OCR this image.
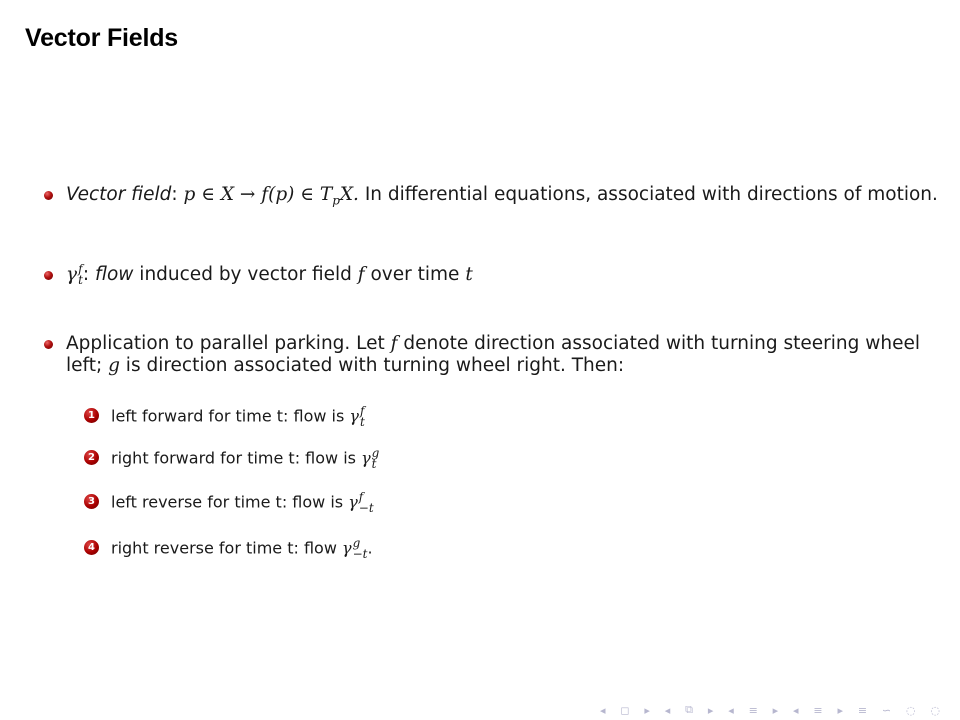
Vector Fields
Vector field: p ∈ X → f(p) ∈ $T_pX$. In differential equations, associated with directions of motion.
γ f
t : flow induced by vector field f over time t
Application to parallel parking. Let f denote direction associated with turning steering wheel left; g is direction associated with turning wheel right. Then:
1 left forward for time t: flow is γ f
t
2 right forward for time t: flow is γ g
t
3 left reverse for time t: flow is γ f
−t
4 right reverse for time t: flow γ g
−t .
◂ ◻ ▸ ◂ ⧉ ▸ ◂ ≡ ▸ ◂ ≡ ▸ ≡ ∽ ◌ ◌
